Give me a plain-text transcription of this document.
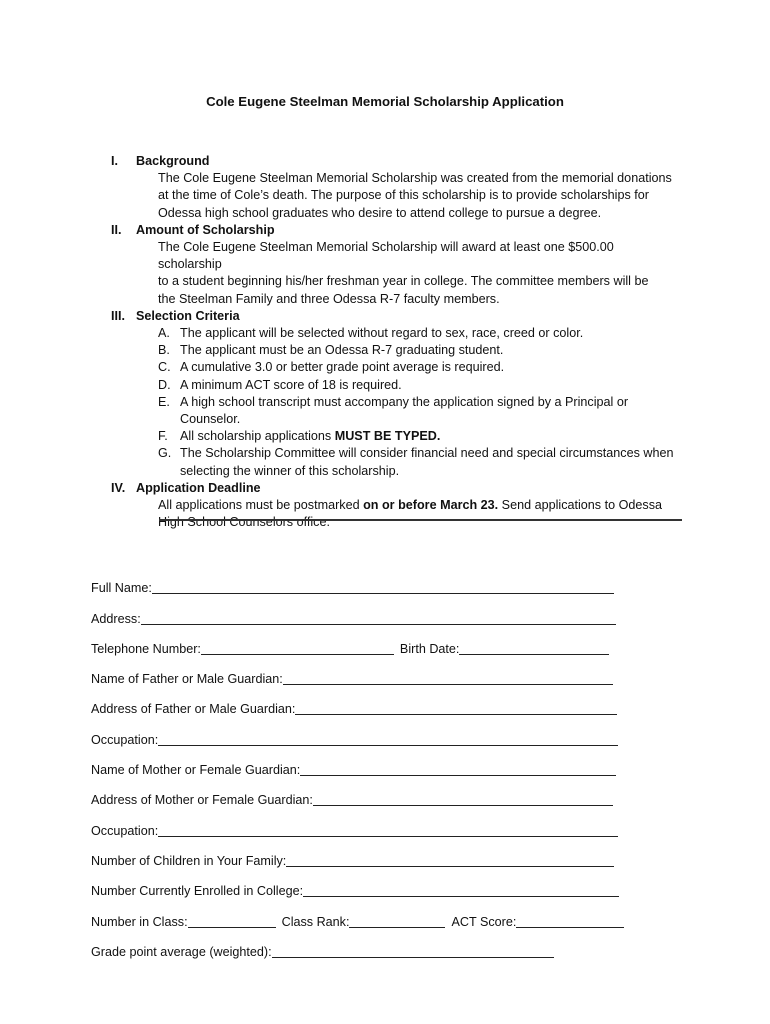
Cole Eugene Steelman Memorial Scholarship Application
I.	Background
The Cole Eugene Steelman Memorial Scholarship was created from the memorial donations
at the time of Cole’s death. The purpose of this scholarship is to provide scholarships for
Odessa high school graduates who desire to attend college to pursue a degree.
II.	Amount of Scholarship
The Cole Eugene Steelman Memorial Scholarship will award at least one $500.00 scholarship
to a student beginning his/her freshman year in college. The committee members will be
the Steelman Family and three Odessa R-7 faculty members.
III. Selection Criteria
A. The applicant will be selected without regard to sex, race, creed or color.
B. The applicant must be an Odessa R-7 graduating student.
C. A cumulative 3.0 or better grade point average is required.
D. A minimum ACT score of 18 is required.
E. A high school transcript must accompany the application signed by a Principal or Counselor.
F. All scholarship applications MUST BE TYPED.
G. The Scholarship Committee will consider financial need and special circumstances when selecting the winner of this scholarship.
IV. Application Deadline
All applications must be postmarked on or before March 23. Send applications to Odessa
High School Counselors office.
Full Name:
Address:
Telephone Number:	Birth Date:
Name of Father or Male Guardian:
Address of Father or Male Guardian:
Occupation:
Name of Mother or Female Guardian:
Address of Mother or Female Guardian:
Occupation:
Number of Children in Your Family:
Number Currently Enrolled in College:
Number in Class:	Class Rank:	ACT Score:
Grade point average (weighted):
